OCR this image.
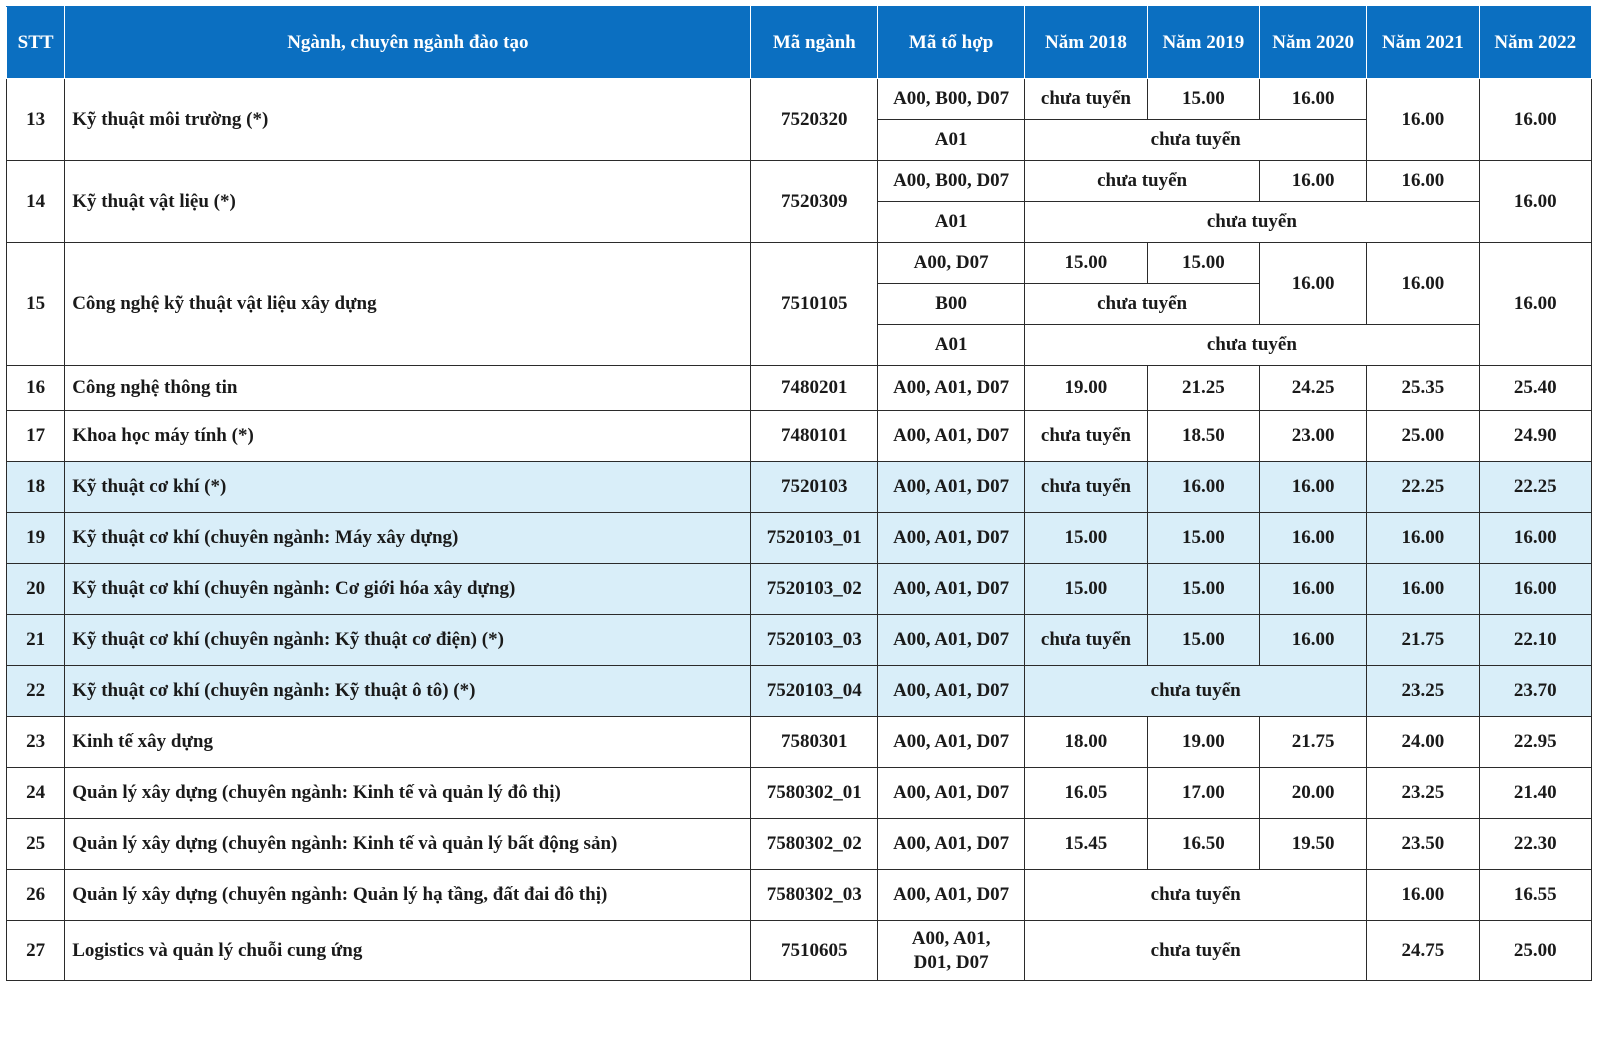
STT	Ngành, chuyên ngành đào tạo	Mã ngành	Mã tổ hợp	Năm 2018	Năm 2019	Năm 2020	Năm 2021	Năm 2022
13	Kỹ thuật môi trường (*)	7520320	A00, B00, D07	chưa tuyển	15.00	16.00	16.00	16.00
			A01	chưa tuyển				
14	Kỹ thuật vật liệu (*)	7520309	A00, B00, D07	chưa tuyển		16.00	16.00	16.00
			A01	chưa tuyển				
15	Công nghệ kỹ thuật vật liệu xây dựng	7510105	A00, D07	15.00	15.00	16.00	16.00	16.00
			B00	chưa tuyển				
			A01	chưa tuyển				
16	Công nghệ thông tin	7480201	A00, A01, D07	19.00	21.25	24.25	25.35	25.40
17	Khoa học máy tính (*)	7480101	A00, A01, D07	chưa tuyển	18.50	23.00	25.00	24.90
18	Kỹ thuật cơ khí (*)	7520103	A00, A01, D07	chưa tuyển	16.00	16.00	22.25	22.25
19	Kỹ thuật cơ khí (chuyên ngành: Máy xây dựng)	7520103_01	A00, A01, D07	15.00	15.00	16.00	16.00	16.00
20	Kỹ thuật cơ khí (chuyên ngành: Cơ giới hóa xây dựng)	7520103_02	A00, A01, D07	15.00	15.00	16.00	16.00	16.00
21	Kỹ thuật cơ khí (chuyên ngành: Kỹ thuật cơ điện) (*)	7520103_03	A00, A01, D07	chưa tuyển	15.00	16.00	21.75	22.10
22	Kỹ thuật cơ khí (chuyên ngành: Kỹ thuật ô tô) (*)	7520103_04	A00, A01, D07	chưa tuyển			23.25	23.70
23	Kinh tế xây dựng	7580301	A00, A01, D07	18.00	19.00	21.75	24.00	22.95
24	Quản lý xây dựng (chuyên ngành: Kinh tế và quản lý đô thị)	7580302_01	A00, A01, D07	16.05	17.00	20.00	23.25	21.40
25	Quản lý xây dựng (chuyên ngành: Kinh tế và quản lý bất động sản)	7580302_02	A00, A01, D07	15.45	16.50	19.50	23.50	22.30
26	Quản lý xây dựng (chuyên ngành: Quản lý hạ tầng, đất đai đô thị)	7580302_03	A00, A01, D07	chưa tuyển			16.00	16.55
27	Logistics và quản lý chuỗi cung ứng	7510605	A00, A01,
D01, D07	chưa tuyển			24.75	25.00
